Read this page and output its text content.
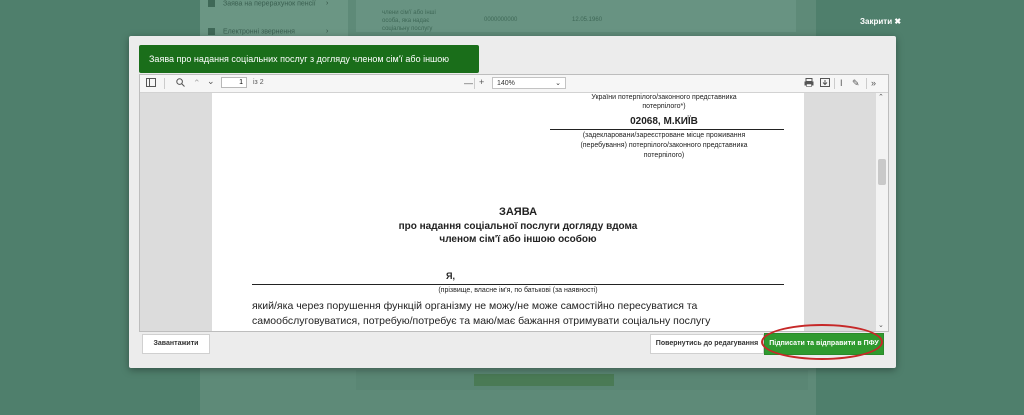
Заява на перерахунок пенсії ›
Електронні звернення	›
члени сім'ї або інші
особа, яка надає
соціальну послугу
0000000000	12.05.1960	Закрити ✖
Заява про надання соціальних послуг з догляду членом сім'ї або іншою
⌃ ⌄
1	із 2	— +	140%	⌄	I ✎ »
України потерпілого/законного представника
потерпілого*)
02068, М.КИЇВ
(задекларовани/зареєстроване місце проживання
(перебування) потерпілого/законного представника
потерпілого)
ЗАЯВА
про надання соціальної послуги догляду вдома
членом сім'ї або іншою особою
Я,
(прізвище, власне ім'я, по батькові (за наявності)
який/яка через порушення функцій організму не можу/не може самостійно пересуватися та
самообслуговуватися, потребую/потребує та маю/має бажання отримувати соціальну послугу
⌃
⌄
Завантажити	Повернутись до редагування	Підписати та відправити в ПФУ
